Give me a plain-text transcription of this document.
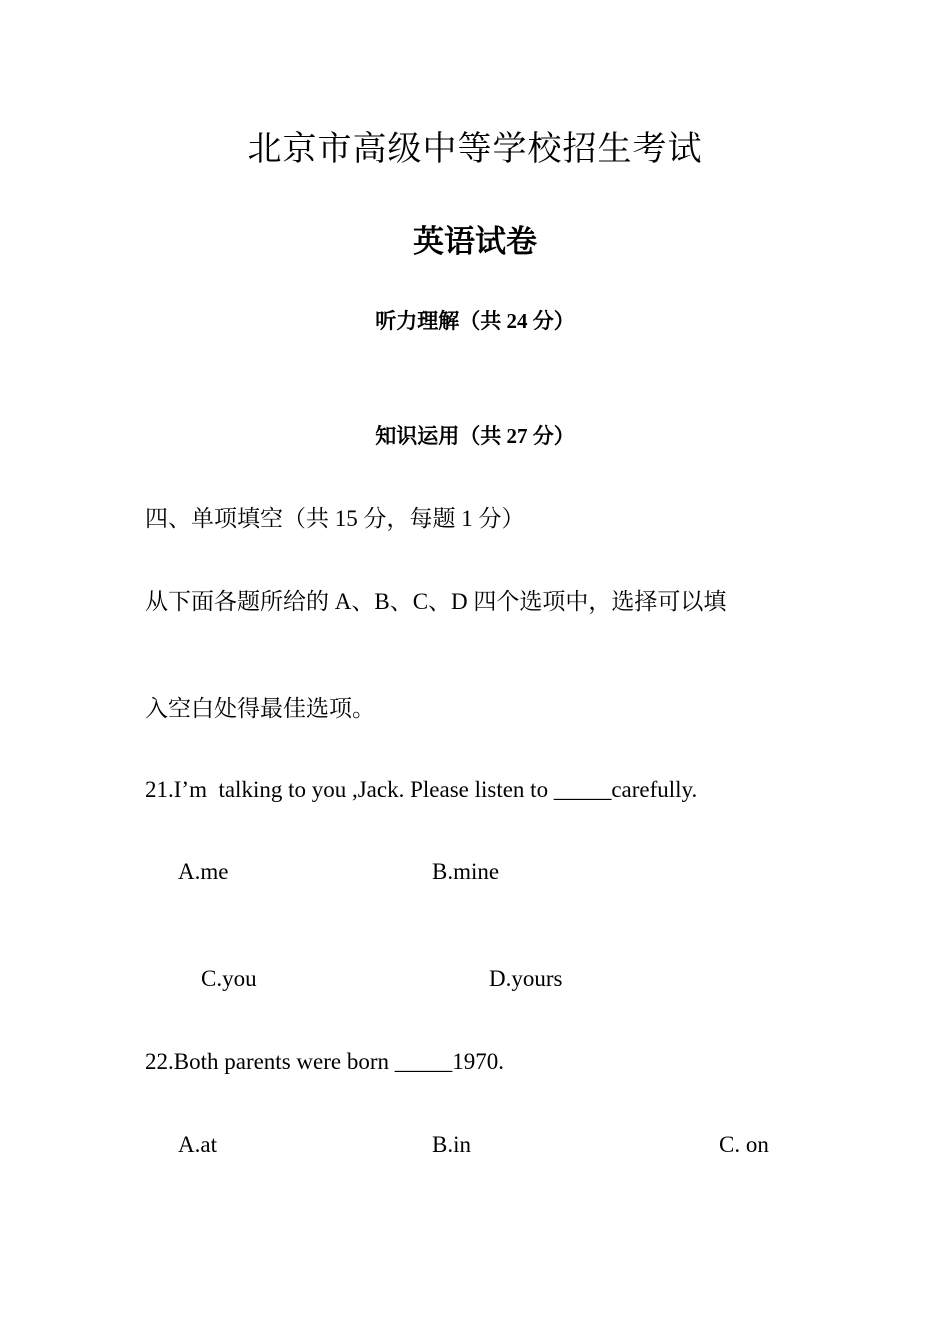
北京市高级中等学校招生考试
英语试卷
听力理解（共 24 分）
知识运用（共 27 分）
四、单项填空（共 15 分，每题 1 分）
从下面各题所给的 A、B、C、D 四个选项中，选择可以填
入空白处得最佳选项。
21.I’m  talking to you ,Jack. Please listen to _____carefully.
A.me	B.mine
C.you	D.yours
22.Both parents were born _____1970.
A.at	B.in	C. on
